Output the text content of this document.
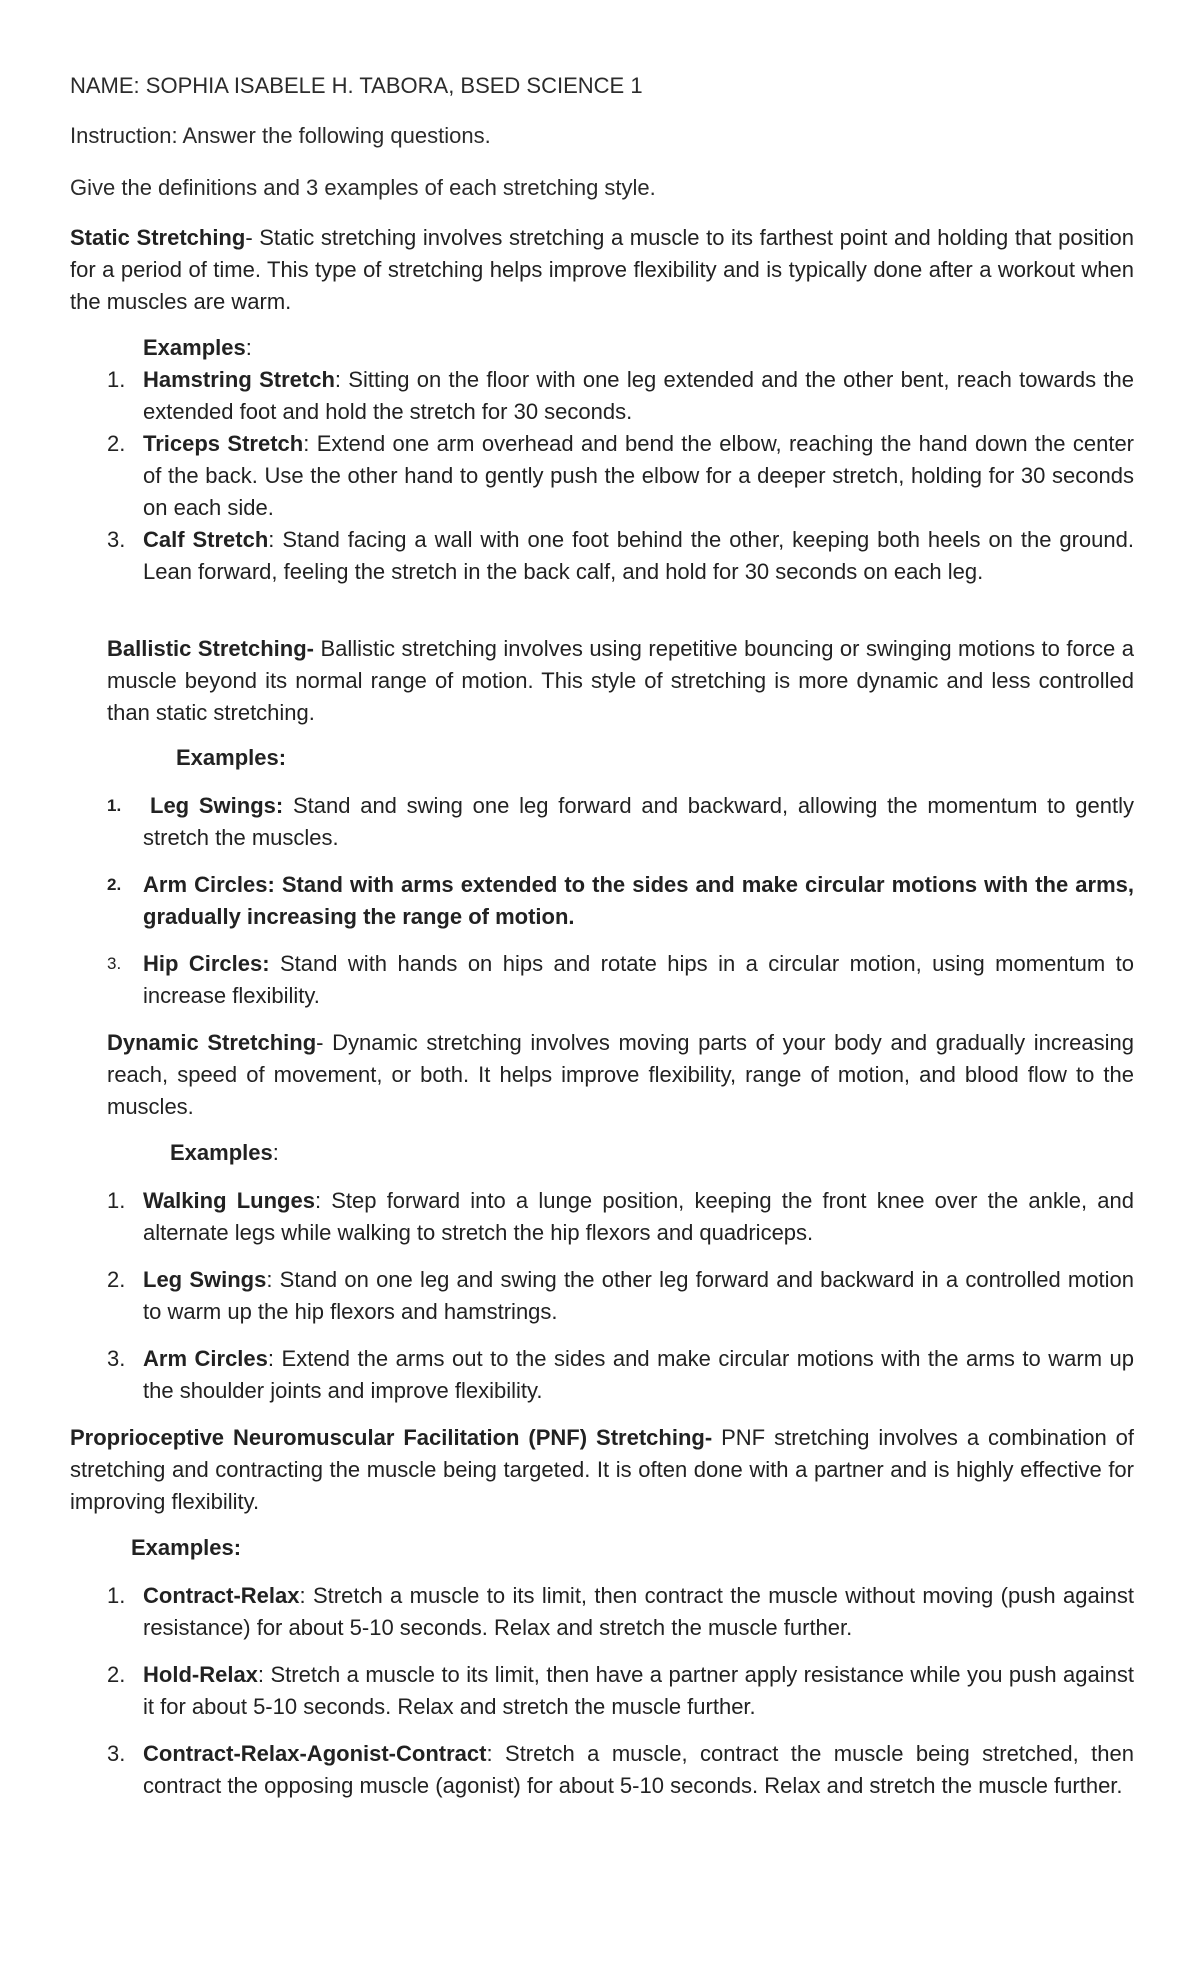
NAME: SOPHIA ISABELE H. TABORA, BSED SCIENCE 1
Instruction: Answer the following questions.
Give the definitions and 3 examples of each stretching style.
Static Stretching- Static stretching involves stretching a muscle to its farthest point and holding that position for a period of time. This type of stretching helps improve flexibility and is typically done after a workout when the muscles are warm.
Examples:
1. Hamstring Stretch: Sitting on the floor with one leg extended and the other bent, reach towards the extended foot and hold the stretch for 30 seconds.
2. Triceps Stretch: Extend one arm overhead and bend the elbow, reaching the hand down the center of the back. Use the other hand to gently push the elbow for a deeper stretch, holding for 30 seconds on each side.
3. Calf Stretch: Stand facing a wall with one foot behind the other, keeping both heels on the ground. Lean forward, feeling the stretch in the back calf, and hold for 30 seconds on each leg.
Ballistic Stretching- Ballistic stretching involves using repetitive bouncing or swinging motions to force a muscle beyond its normal range of motion. This style of stretching is more dynamic and less controlled than static stretching.
Examples:
1. Leg Swings: Stand and swing one leg forward and backward, allowing the momentum to gently stretch the muscles.
2. Arm Circles: Stand with arms extended to the sides and make circular motions with the arms, gradually increasing the range of motion.
3. Hip Circles: Stand with hands on hips and rotate hips in a circular motion, using momentum to increase flexibility.
Dynamic Stretching- Dynamic stretching involves moving parts of your body and gradually increasing reach, speed of movement, or both. It helps improve flexibility, range of motion, and blood flow to the muscles.
Examples:
1. Walking Lunges: Step forward into a lunge position, keeping the front knee over the ankle, and alternate legs while walking to stretch the hip flexors and quadriceps.
2. Leg Swings: Stand on one leg and swing the other leg forward and backward in a controlled motion to warm up the hip flexors and hamstrings.
3. Arm Circles: Extend the arms out to the sides and make circular motions with the arms to warm up the shoulder joints and improve flexibility.
Proprioceptive Neuromuscular Facilitation (PNF) Stretching- PNF stretching involves a combination of stretching and contracting the muscle being targeted. It is often done with a partner and is highly effective for improving flexibility.
Examples:
1. Contract-Relax: Stretch a muscle to its limit, then contract the muscle without moving (push against resistance) for about 5-10 seconds. Relax and stretch the muscle further.
2. Hold-Relax: Stretch a muscle to its limit, then have a partner apply resistance while you push against it for about 5-10 seconds. Relax and stretch the muscle further.
3. Contract-Relax-Agonist-Contract: Stretch a muscle, contract the muscle being stretched, then contract the opposing muscle (agonist) for about 5-10 seconds. Relax and stretch the muscle further.
